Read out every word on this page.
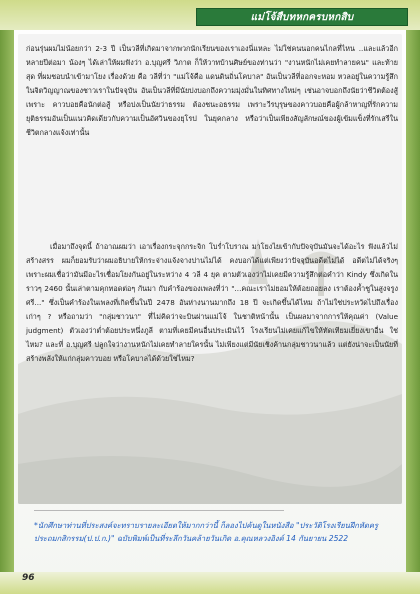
แม่โจ้สืบทหกครบหกสิบ
ก่อนรุ่นผมไม่น้อยกว่า 2-3 ปี เป็นวลีที่เกิดมาจากพวกนักเรียนของเราเองนี่แหละ ไม่ใช่คนนอกคนไกลที่ไหน ..และแล้วอีกหลายปีต่อมา น้องๆ ได้เล่าให้ผมฟังว่า อ.บุญศรี วิภาต ก็ให้วาทบ้านศิษย์ของท่านว่า "งานหนักไม่เคยทำลายคน" และท้ายสุด ที่ผมชอบนำเข้ามาโยง เรื่องด้วย คือ วลีที่ว่า "แม่โจ้คือ แดนดินถิ่นโคบาล" อันเป็นวลีที่ออกจะหอม หวลอยู่ในความรู้สึก ในจิตวิญญาณของชาวเราในปัจจุบัน อันเป็นวลีที่มีนัยบ่งบอกถึงความมุ่งมั่นในทิศทางใหม่ๆ เช่นอาจบอกถึงนัยว่าชีวิตต้องสู้ เพราะ คาวบอยคือนักต่อสู้ หรือบ่งเป็นนัยว่าธรรม ต้องชนะอธรรม เพราะวีรบุรุษของคาวบอยคือผู้กล้าหาญที่รักความยุติธรรมอันเป็นแนวคิดเดียวกับความเป็นอัศวินของยุโรป ในยุคกลาง หรือว่าเป็นเพียงสัญลักษณ์ของผู้เข้มแข็งที่รักเสรีในชีวิตกลางแจ้งเท่านั้น
เมื่อมาถึงจุดนี้ ถ้าอาณผมว่า เอาเรื่องกระจุกกระจิก โบร่ำโบราณ มาโยงไยเข้ากับปัจจุบันมันจะได้อะไร ฟังแล้วไม่สร้างสรร ผมก็ยอมรับว่าผมอธิบายให้กระจ่างแจ้งจางปานไม่ได้ คงบอกได้แต่เพียงว่าปัจจุบันอดีตไม่ได้ อดีตไม่ได้จริงๆ เพราะผมเชื่อว่ามันมีอะไรเชื่อมโยงกันอยู่ในระหว่าง 4 วลี 4 ยุค ตามตัวเองว่าไม่เคยมีความรู้สึกต่อคำว่า Kindy ซึ่งเกิดในราวๆ 2460 นั้นเล่าตามคุกทอดต่อๆ กันมา กับคำร้องของเพลงที่ว่า "...คณะเราไม่ยอมให้ต้อยถอยลง เราต้องค้ำชูในสูงจรูงศรี..." ซึ่งเป็นคำร้องในเพลงที่เกิดขึ้นในปี 2478 อันห่างนานมากถึง 18 ปี จะเกิดขึ้นได้ไหม ถ้าไม่ใช่ประหวัดไปถึงเรื่องเก่าๆ ? หรือถามว่า "กลุ่มชาวนา" ที่ไม่คิดว่าจะบินผ่านแม่โจ้ ในชาติหน้านั้น เป็นผลมาจากการให้คุณค่า (Value judgment) ตัวเองว่าต่ำต้อยประหนึ่งภูลี ตามที่เคยมีคนอื่นประเมินไว้ โรงเรียนไม่เคยแก้ไขให้ทัดเทียมเยี่ยงเขาอื่น ใช่ไหม? และที่ อ.บุญศรี ปลูกใจว่างานหนักไม่เคยทำลายใครนั้น ไม่เพียงแต่มีนัยเชิงค้านกลุ่มชาวนาแล้ว แต่ยังน่าจะเป็นนัยที่สร้างพลังให้แก่กลุ่มคาวบอย หรือโคบาลได้ด้วยใช่ไหม?
*นักศึกษาท่านที่ประสงค์จะทราบรายละเอียดให้มากกว่านี้ ก็ลองไปค้นดูในหนังสือ "ประวัติโรงเรียนฝึกหัดครูประถมกสิกรรม(ป.ป.ก.)" ฉบับพิมพ์เป็นที่ระลึกวันคล้ายวันเกิด อ.คุณหลวงอิงค์ 14 กันยายน 2522
96
